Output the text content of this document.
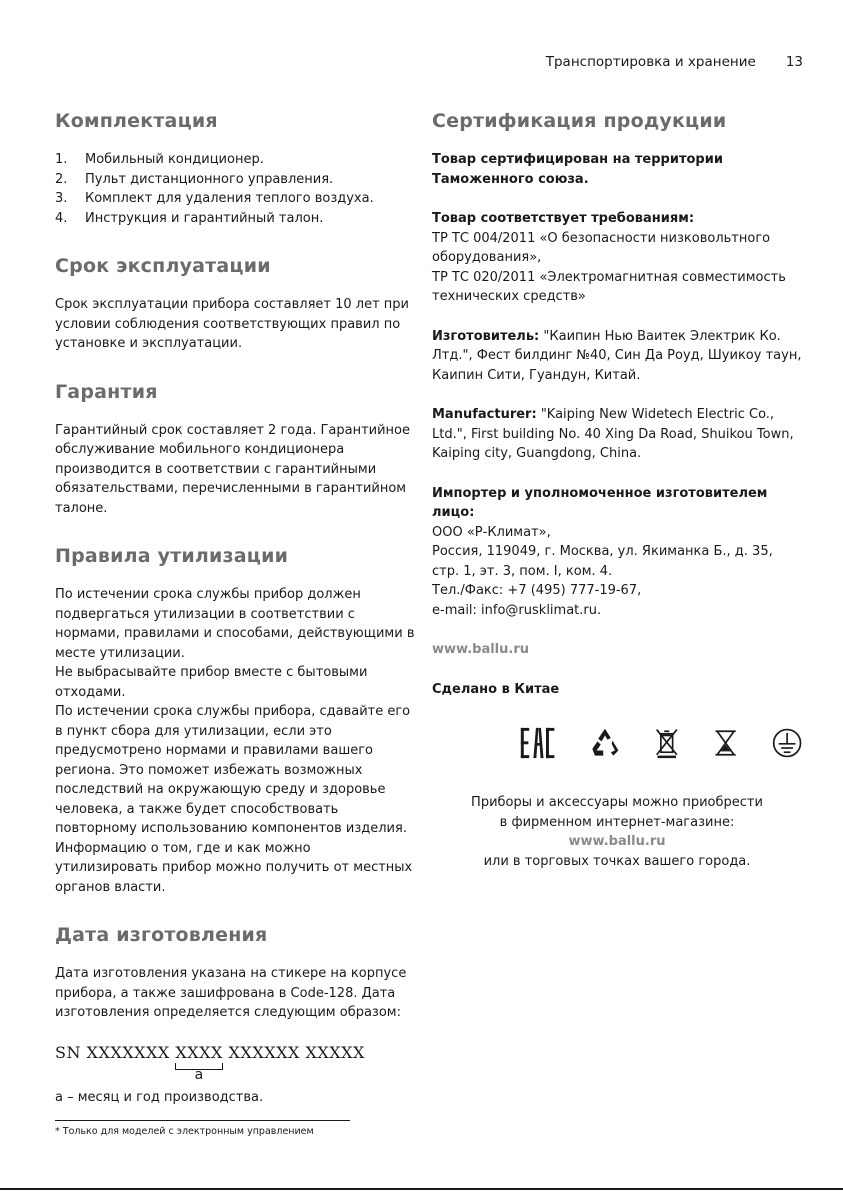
Транспортировка и хранение 13
Комплектация
1.	Мобильный кондиционер.
2.	Пульт дистанционного управления.
3.	Комплект для удаления теплого воздуха.
4.	Инструкция и гарантийный талон.
Срок эксплуатации

Срок эксплуатации прибора составляет 10 лет при условии соблюдения соответствующих правил по установке и эксплуатации.

Гарантия

Гарантийный срок составляет 2 года. Гарантийное обслуживание мобильного кондиционера производится в соответствии с гарантийными обязательствами, перечисленными в гарантийном талоне.

Правила утилизации

По истечении срока службы прибор должен подвергаться утилизации в соответствии с нормами, правилами и способами, действующими в месте утилизации.

Не выбрасывайте прибор вместе с бытовыми отходами.

По истечении срока службы прибора, сдавайте его в пункт сбора для утилизации, если это предусмотрено нормами и правилами вашего региона. Это поможет избежать возможных последствий на окружающую среду и здоровье человека, а также будет способствовать повторному использованию компонентов изделия.

Информацию о том, где и как можно утилизировать прибор можно получить от местных органов власти.

Дата изготовления

Дата изготовления указана на стикере на корпусе прибора, а также зашифрована в Code-128. Дата изготовления определяется следующим образом:

SN XXXXXXX XXXX
a
XXXXXX XXXXX

а – месяц и год производства.

Сертификация продукции

Товар сертифицирован на территории Таможенного союза.

Товар соответствует требованиям:

ТР ТС 004/2011 «О безопасности низковольтного оборудования»,

ТР ТС 020/2011 «Электромагнитная совместимость технических средств»

Изготовитель: "Каипин Нью Ваитек Электрик Ко. Лтд.", Фест билдинг №40, Син Да Роуд, Шуикоу таун, Каипин Сити, Гуандун, Китай.

Manufacturer: "Kaiping New Widetech Electric Co., Ltd.", First building No. 40 Xing Da Road, Shuikou Town, Kaiping city, Guangdong, China.

Импортер и уполномоченное изготовителем лицо:

ООО «Р-Климат»,

Россия, 119049, г. Москва, ул. Якиманка Б., д. 35, стр. 1, эт. 3, пом. I, ком. 4.

Тел./Факс: +7 (495) 777-19-67,

e-mail: info@rusklimat.ru.

www.ballu.ru

Сделано в Китае

Приборы и аксессуары можно приобрести

в фирменном интернет-магазине:

www.ballu.ru

или в торговых точках вашего города.

* Только для моделей с электронным управлением
